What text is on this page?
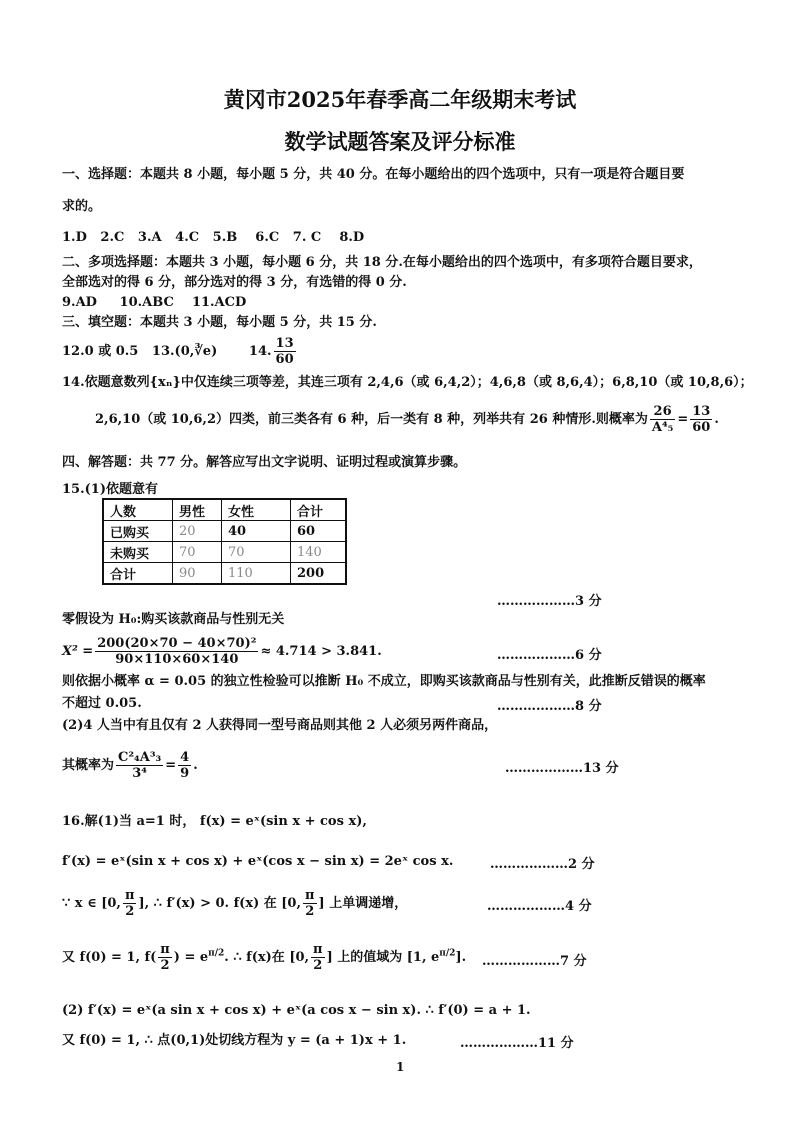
黄冈市2025年春季高二年级期末考试
数学试题答案及评分标准
一、选择题：本题共 8 小题，每小题 5 分，共 40 分。在每小题给出的四个选项中，只有一项是符合题目要
求的。
1.D   2.C   3.A   4.C   5.B    6.C   7. C    8.D
二、多项选择题：本题共 3 小题，每小题 6 分，共 18 分.在每小题给出的四个选项中，有多项符合题目要求，
全部选对的得 6 分，部分选对的得 3 分，有选错的得 0 分.
9.AD     10.ABC    11.ACD
三、填空题：本题共 3 小题，每小题 5 分，共 15 分.
12.0 或 0.5 13.(0,∛e) 14. $\frac{13}{60}$
14.依题意数列{xₙ}中仅连续三项等差，其连三项有 2,4,6（或 6,4,2）；4,6,8（或 8,6,4）；6,8,10（或 10,8,6）；
2,6,10（或 10,6,2）四类，前三类各有 6 种，后一类有 8 种，列举共有 26 种情形.则概率为 $\frac{26}{\text{A⁴₅}} = \frac{13}{60}$ .
四、解答题：共 77 分。解答应写出文字说明、证明过程或演算步骤。
15.(1)依题意有
人数	男性	女性	合计
已购买	20	40	60
未购买	70	70	140
合计	90	110	200
………………3 分
零假设为 H₀:购买该款商品与性别无关
$X^2 = \frac{\text{200(20×70 − 40×70)²}}{90\times 110\times 60\times 140} \approx 4.714 > 3.841$.	………………6 分
则依据小概率 α = 0.05 的独立性检验可以推断 H₀ 不成立，即购买该款商品与性别有关，此推断反错误的概率
不超过 0.05.	………………8 分
(2)4 人当中有且仅有 2 人获得同一型号商品则其他 2 人必须另两件商品，
其概率为 $\frac{\text{C²₄A³₃}}{\text{3⁴}} = \frac{4}{9}$ .	………………13 分
16.解(1)当 a=1 时， f(x) = eˣ(sin x + cos x),
f′(x) = eˣ(sin x + cos x) + eˣ(cos x − sin x) = 2eˣ cos x.	………………2 分
∵ x ∈ [0, $\frac{\pi}{2}$ ], ∴ f′(x) > 0. f(x) 在 [0, $\frac{\pi}{2}$ ] 上单调递增，	………………4 分
又 f(0) = 1, $f( \frac{\pi}{2}$ ) = $e^{\pi/2}$. ∴ f(x)在 [0, $\frac{\pi}{2}$ ] 上的值域为 [1, $e^{\pi/2}$]. ………………7 分
(2) f′(x) = eˣ(a sin x + cos x) + eˣ(a cos x − sin x). ∴ f′(0) = a + 1.
又 f(0) = 1, ∴ 点(0,1)处切线方程为 y = (a + 1)x + 1.	………………11 分
1
